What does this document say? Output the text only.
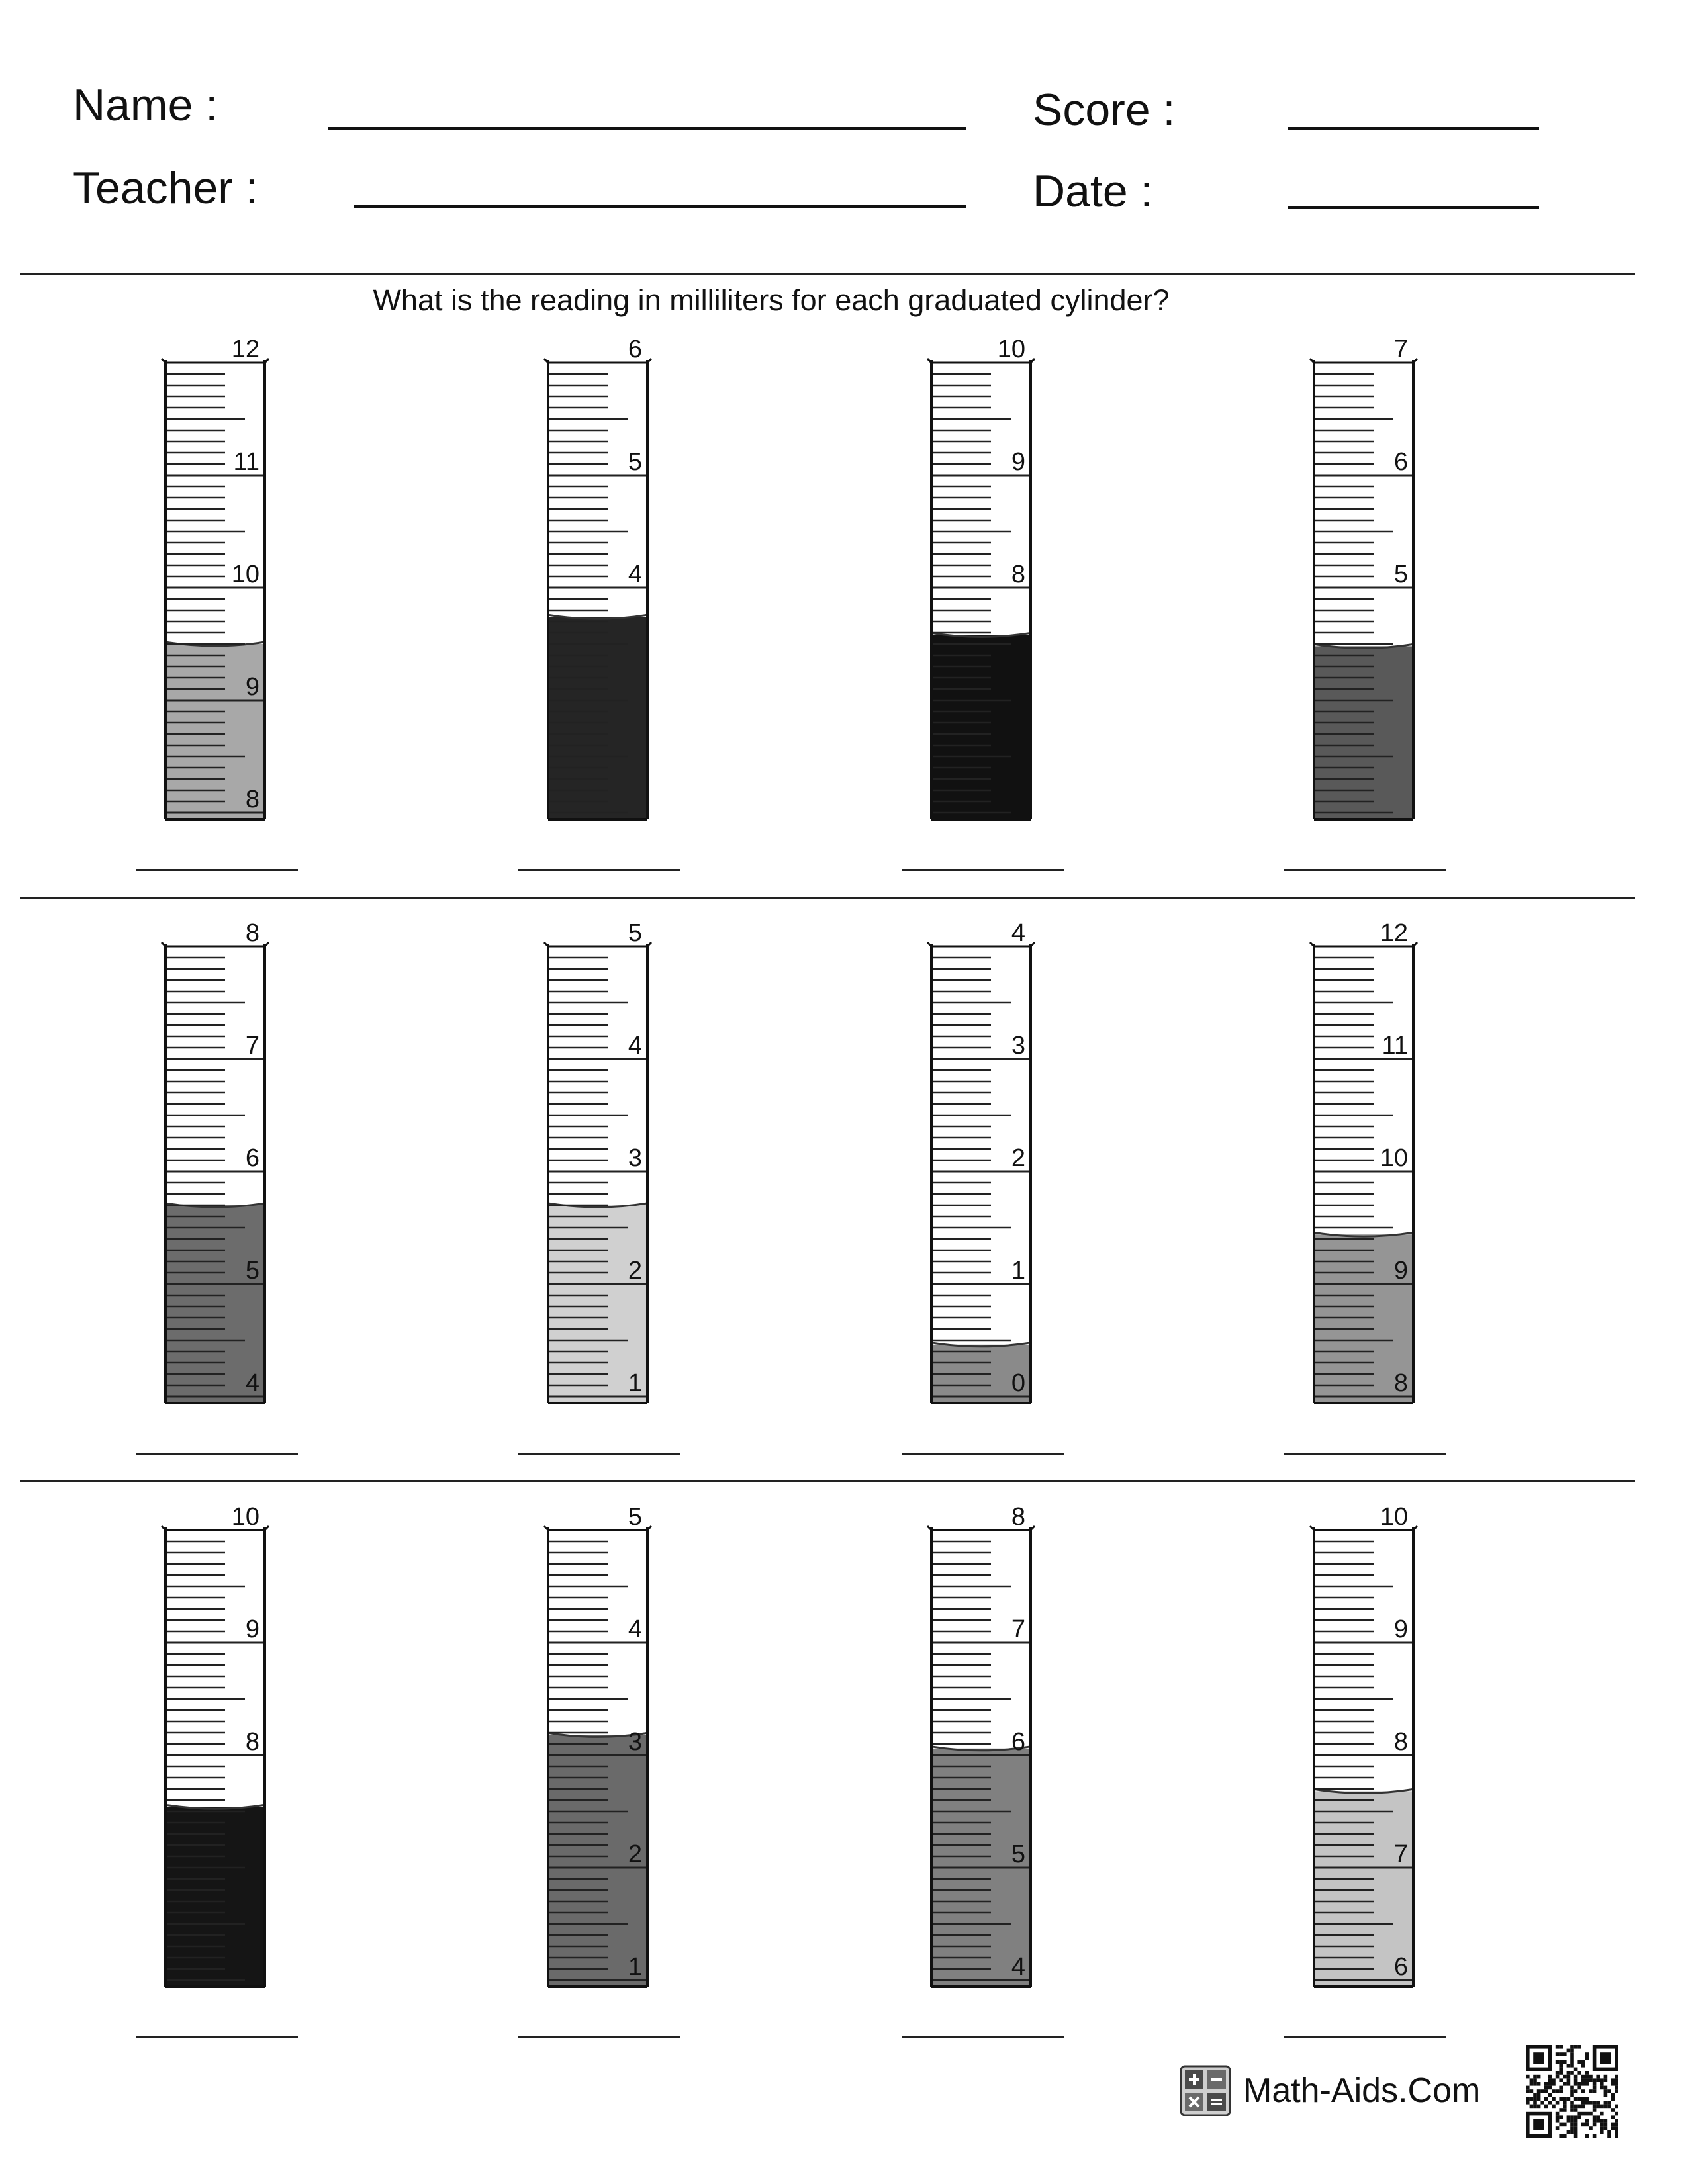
Name :	Score :
Teacher :	Date :
What is the reading in milliliters for each graduated cylinder?
12
11
10
9
8
6
5
4
10
9
8
7
6
5
8
7
6
5
4
5
4
3
2
1
4
3
2
1
0
12
11
10
9
8
10
9
8
5
4
3
2
1
8
7
6
5
4
10
9
8
7
6
Math-Aids.Com
